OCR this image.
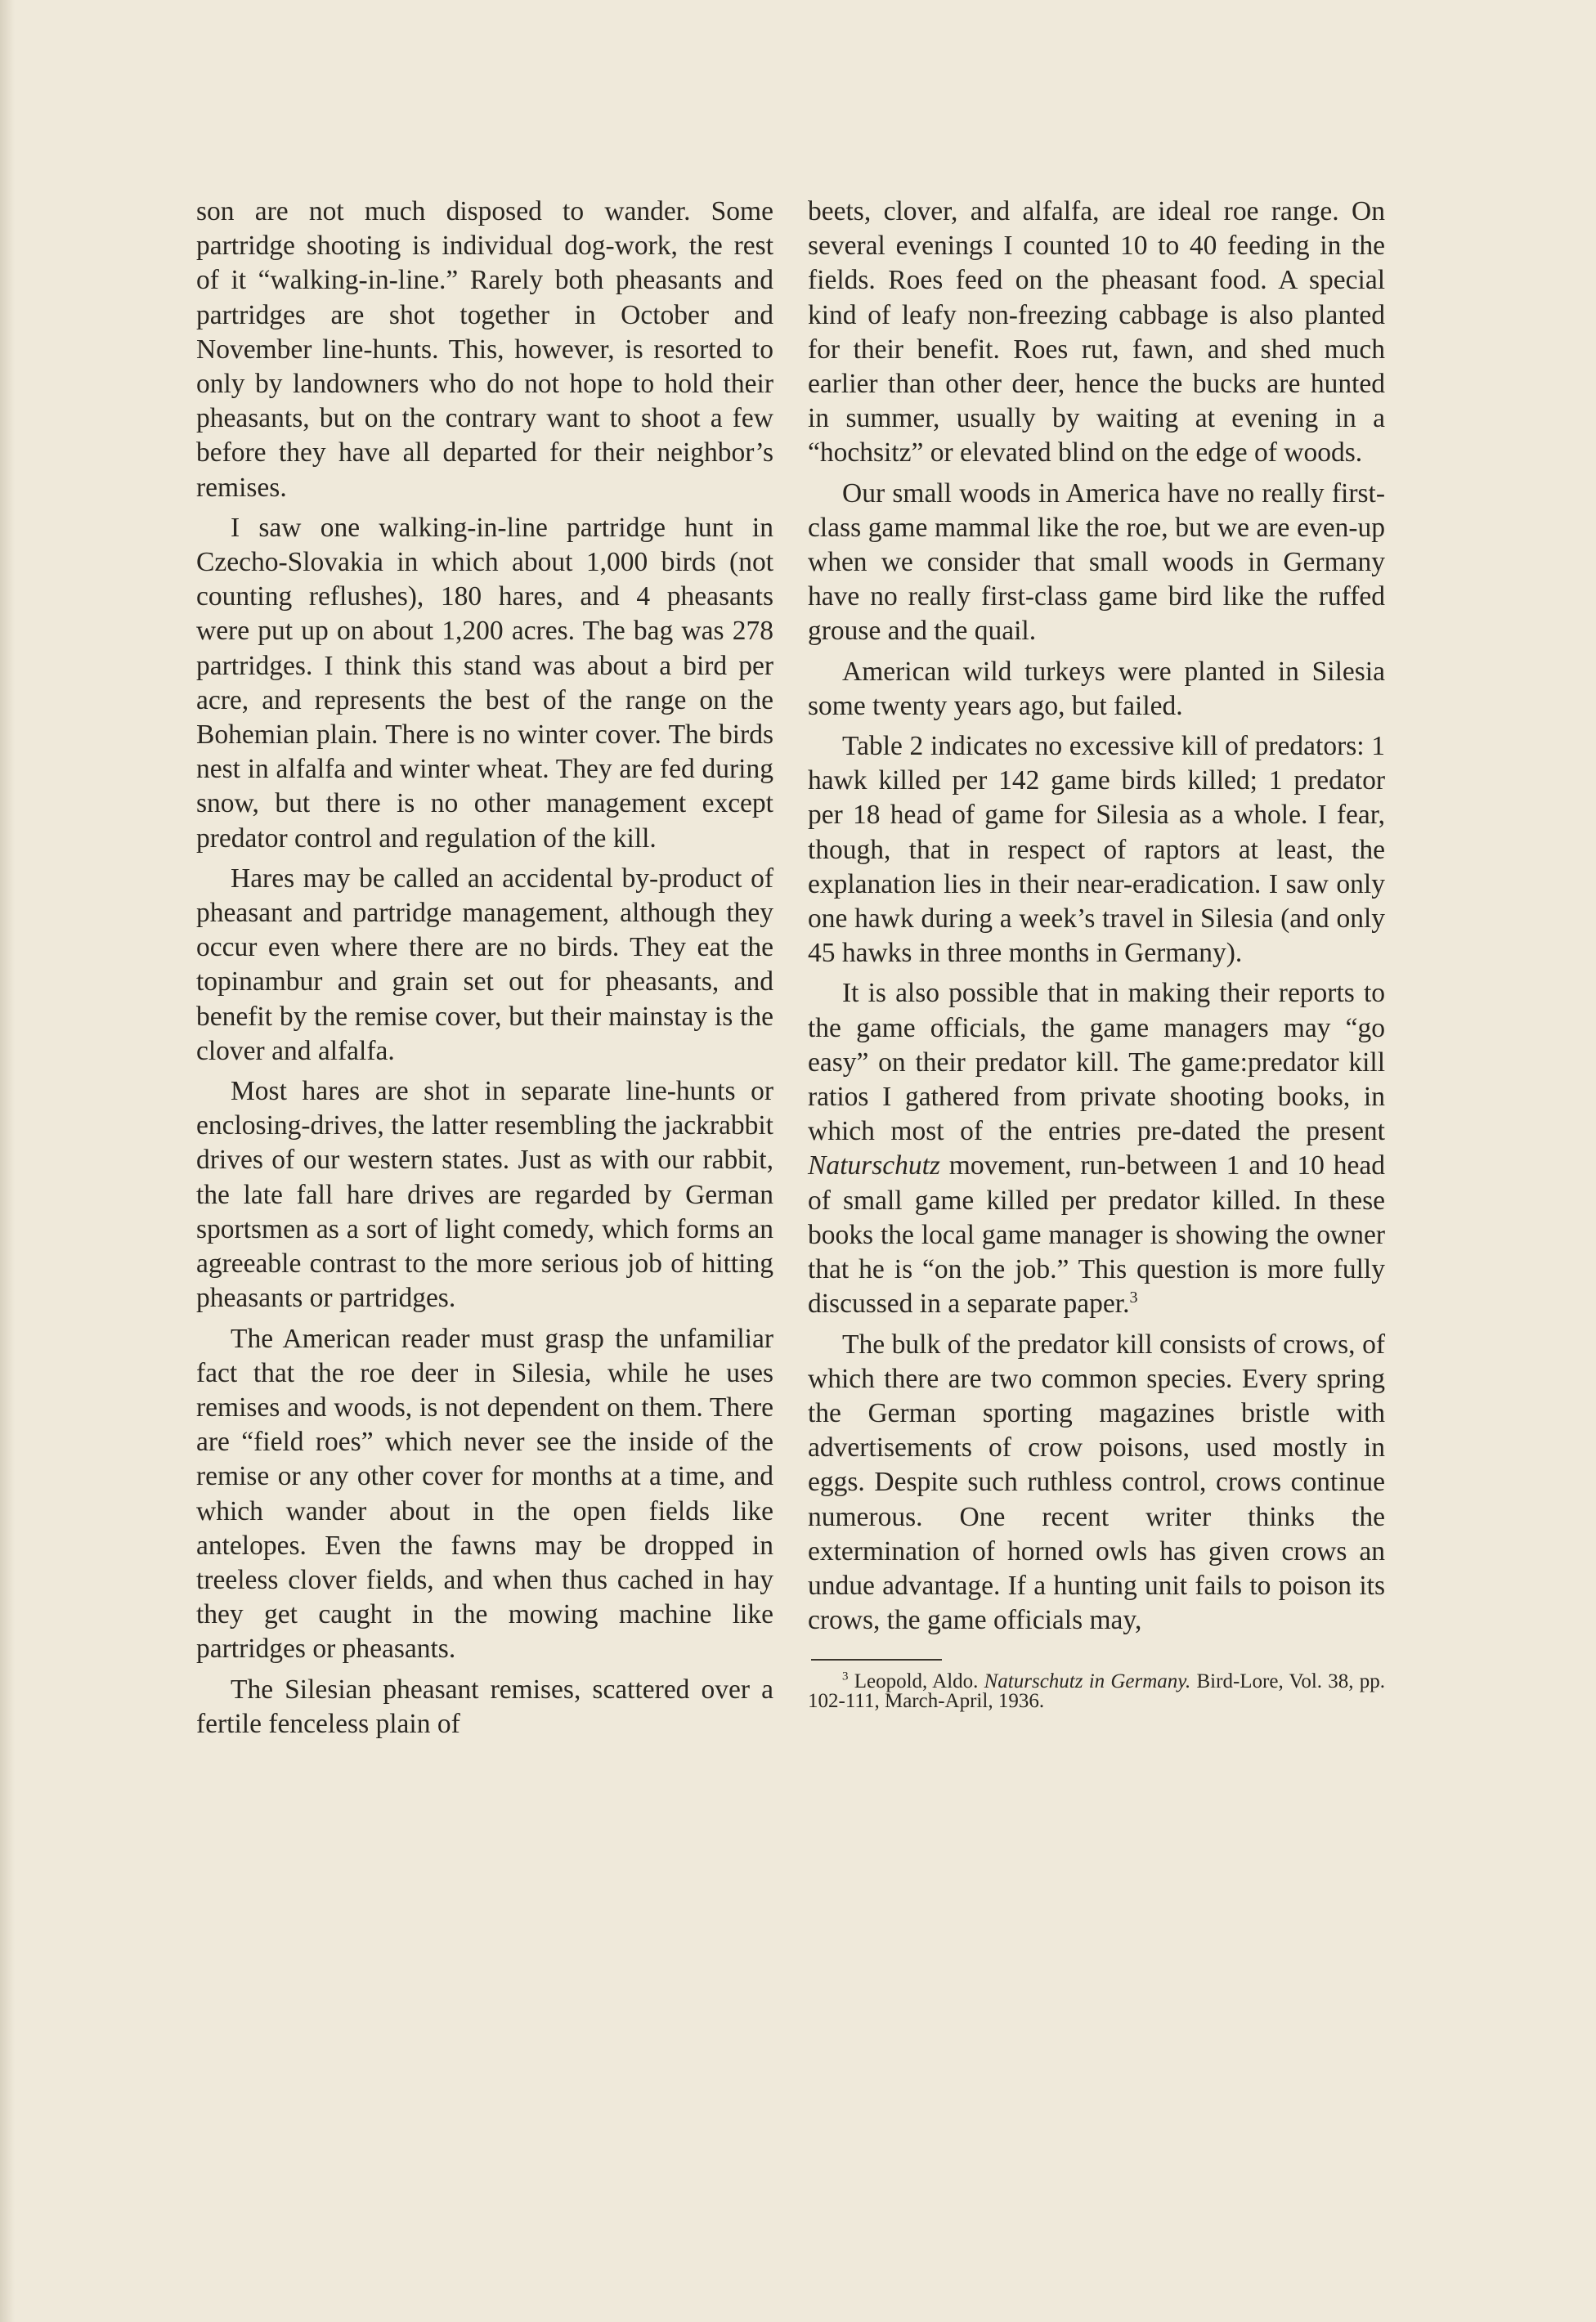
son are not much disposed to wander. Some partridge shooting is individual dog-work, the rest of it “walking-in-line.” Rarely both pheasants and partridges are shot together in October and November line-hunts. This, however, is resorted to only by landowners who do not hope to hold their pheasants, but on the contrary want to shoot a few before they have all departed for their neighbor’s remises.

I saw one walking-in-line partridge hunt in Czecho-Slovakia in which about 1,000 birds (not counting reflushes), 180 hares, and 4 pheasants were put up on about 1,200 acres. The bag was 278 partridges. I think this stand was about a bird per acre, and represents the best of the range on the Bohemian plain. There is no winter cover. The birds nest in alfalfa and winter wheat. They are fed during snow, but there is no other management except predator control and regulation of the kill.

Hares may be called an accidental by-product of pheasant and partridge management, although they occur even where there are no birds. They eat the topinambur and grain set out for pheasants, and benefit by the remise cover, but their mainstay is the clover and alfalfa.

Most hares are shot in separate line-hunts or enclosing-drives, the latter resembling the jackrabbit drives of our western states. Just as with our rabbit, the late fall hare drives are regarded by German sportsmen as a sort of light comedy, which forms an agreeable contrast to the more serious job of hitting pheasants or partridges.

The American reader must grasp the unfamiliar fact that the roe deer in Silesia, while he uses remises and woods, is not dependent on them. There are “field roes” which never see the inside of the remise or any other cover for months at a time, and which wander about in the open fields like antelopes. Even the fawns may be dropped in treeless clover fields, and when thus cached in hay they get caught in the mowing machine like partridges or pheasants.

The Silesian pheasant remises, scattered over a fertile fenceless plain of

beets, clover, and alfalfa, are ideal roe range. On several evenings I counted 10 to 40 feeding in the fields. Roes feed on the pheasant food. A special kind of leafy non-freezing cabbage is also planted for their benefit. Roes rut, fawn, and shed much earlier than other deer, hence the bucks are hunted in summer, usually by waiting at evening in a “hochsitz” or elevated blind on the edge of woods.

Our small woods in America have no really first-class game mammal like the roe, but we are even-up when we consider that small woods in Germany have no really first-class game bird like the ruffed grouse and the quail.

American wild turkeys were planted in Silesia some twenty years ago, but failed.

Table 2 indicates no excessive kill of predators: 1 hawk killed per 142 game birds killed; 1 predator per 18 head of game for Silesia as a whole. I fear, though, that in respect of raptors at least, the explanation lies in their near-eradication. I saw only one hawk during a week’s travel in Silesia (and only 45 hawks in three months in Germany).

It is also possible that in making their reports to the game officials, the game managers may “go easy” on their predator kill. The game:predator kill ratios I gathered from private shooting books, in which most of the entries pre-dated the present Naturschutz movement, run-between 1 and 10 head of small game killed per predator killed. In these books the local game manager is showing the owner that he is “on the job.” This question is more fully discussed in a separate paper.$^3$

The bulk of the predator kill consists of crows, of which there are two common species. Every spring the German sporting magazines bristle with advertisements of crow poisons, used mostly in eggs. Despite such ruthless control, crows continue numerous. One recent writer thinks the extermination of horned owls has given crows an undue advantage. If a hunting unit fails to poison its crows, the game officials may,

$^3$ Leopold, Aldo. Naturschutz in Germany. Bird-Lore, Vol. 38, pp. 102-111, March-April, 1936.
